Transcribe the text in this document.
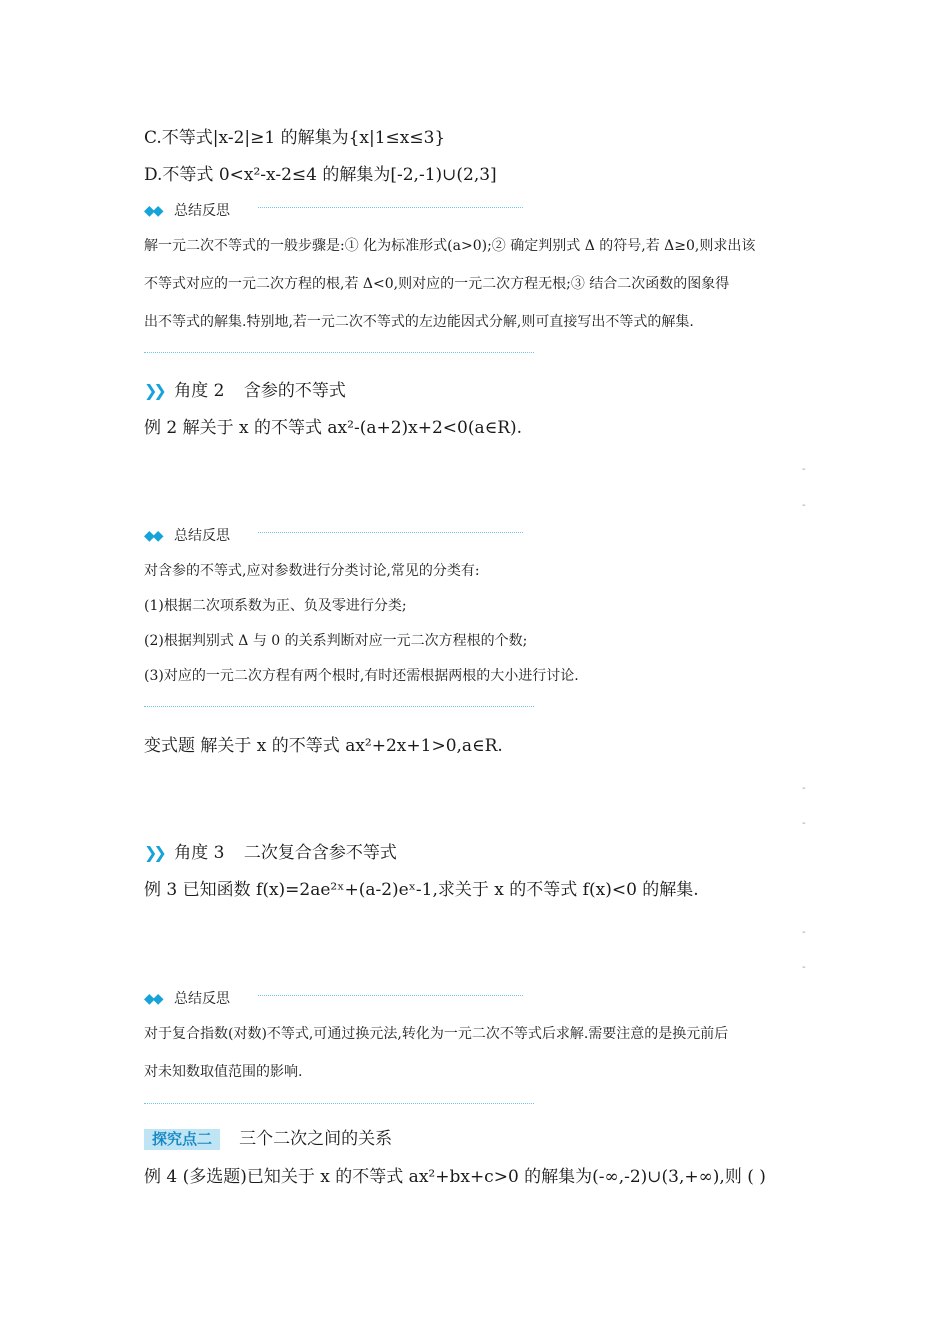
C.不等式|x-2|≥1 的解集为{x|1≤x≤3}
D.不等式 0<x²-x-2≤4 的解集为[-2,-1)∪(2,3]
◆◆ 总结反思
解一元二次不等式的一般步骤是:① 化为标准形式(a>0);② 确定判别式 Δ 的符号,若 Δ≥0,则求出该
不等式对应的一元二次方程的根,若 Δ<0,则对应的一元二次方程无根;③ 结合二次函数的图象得
出不等式的解集.特别地,若一元二次不等式的左边能因式分解,则可直接写出不等式的解集.
❯❯ 角度 2 含参的不等式
例 2 解关于 x 的不等式 ax²-(a+2)x+2<0(a∈R).
-
-
◆◆ 总结反思
对含参的不等式,应对参数进行分类讨论,常见的分类有:
(1)根据二次项系数为正、负及零进行分类;
(2)根据判别式 Δ 与 0 的关系判断对应一元二次方程根的个数;
(3)对应的一元二次方程有两个根时,有时还需根据两根的大小进行讨论.
变式题 解关于 x 的不等式 ax²+2x+1>0,a∈R.
-
-
❯❯ 角度 3 二次复合含参不等式
例 3 已知函数 f(x)=2ae²ˣ+(a-2)eˣ-1,求关于 x 的不等式 f(x)<0 的解集.
-
-
◆◆ 总结反思
对于复合指数(对数)不等式,可通过换元法,转化为一元二次不等式后求解.需要注意的是换元前后
对未知数取值范围的影响.
探究点二 三个二次之间的关系
例 4 (多选题)已知关于 x 的不等式 ax²+bx+c>0 的解集为(-∞,-2)∪(3,+∞),则 ( )
